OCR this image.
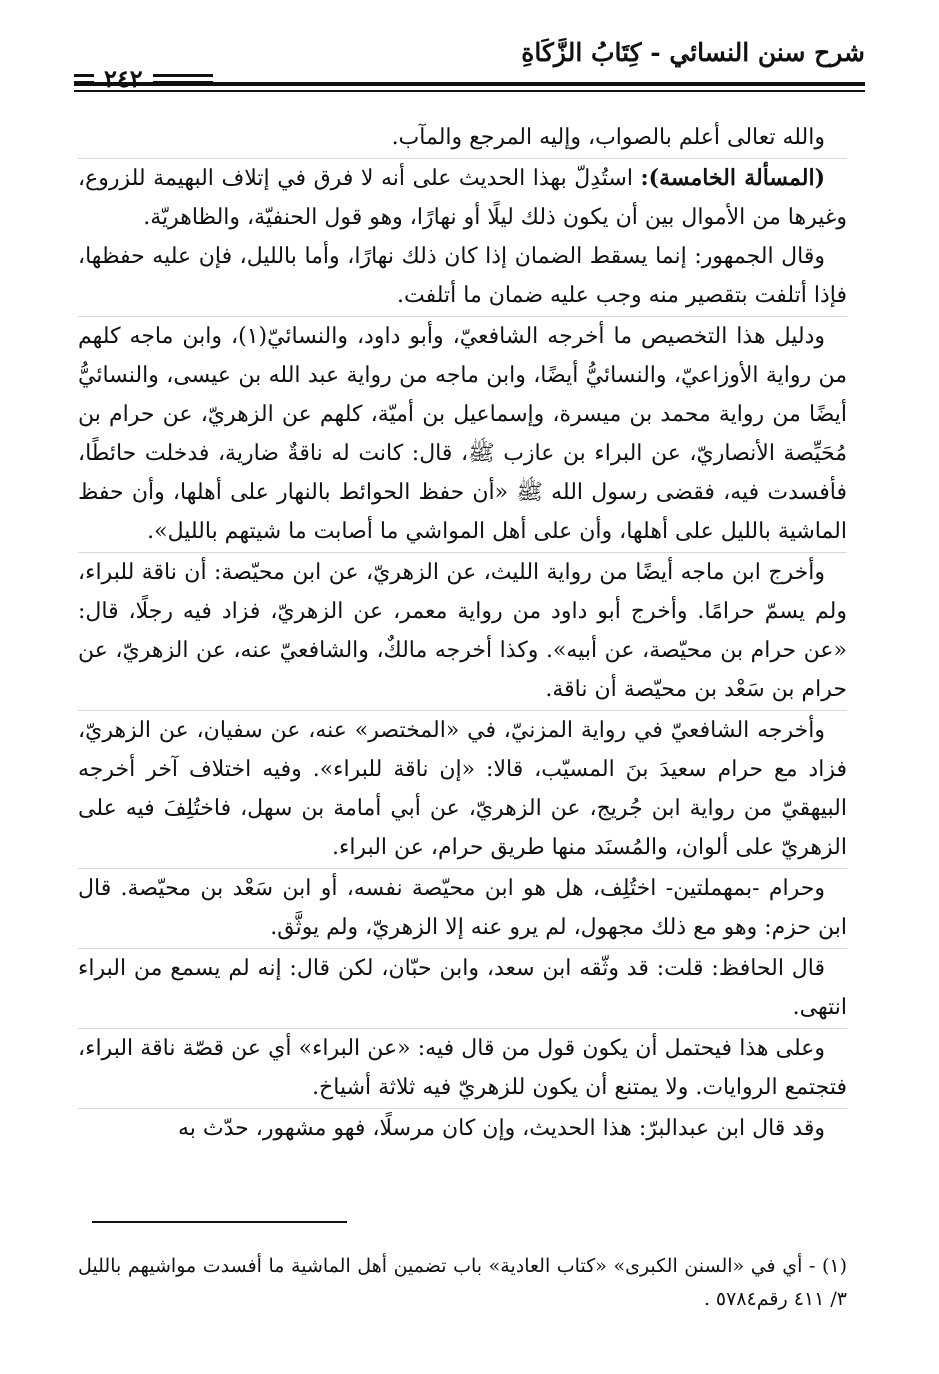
شرح سنن النسائي - كِتَابُ الزَّكَاةِ
٢٤٢

والله تعالى أعلم بالصواب، وإليه المرجع والمآب.

(المسألة الخامسة): استُدِلّ بهذا الحديث على أنه لا فرق في إتلاف البهيمة للزروع، وغيرها من الأموال بين أن يكون ذلك ليلًا أو نهارًا، وهو قول الحنفيّة، والظاهريّة.

وقال الجمهور: إنما يسقط الضمان إذا كان ذلك نهارًا، وأما بالليل، فإن عليه حفظها، فإذا أتلفت بتقصير منه وجب عليه ضمان ما أتلفت.

ودليل هذا التخصيص ما أخرجه الشافعيّ، وأبو داود، والنسائيّ(١)، وابن ماجه كلهم من رواية الأوزاعيّ، والنسائيُّ أيضًا، وابن ماجه من رواية عبد الله بن عيسى، والنسائيُّ أيضًا من رواية محمد بن ميسرة، وإسماعيل بن أميّة، كلهم عن الزهريّ، عن حرام بن مُحَيِّصة الأنصاريّ، عن البراء بن عازب ﷺ، قال: كانت له ناقةٌ ضارية، فدخلت حائطًا، فأفسدت فيه، فقضى رسول الله ﷺ «أن حفظ الحوائط بالنهار على أهلها، وأن حفظ الماشية بالليل على أهلها، وأن على أهل المواشي ما أصابت ما شيتهم بالليل».

وأخرج ابن ماجه أيضًا من رواية الليث، عن الزهريّ، عن ابن محيّصة: أن ناقة للبراء، ولم يسمّ حرامًا. وأخرج أبو داود من رواية معمر، عن الزهريّ، فزاد فيه رجلًا، قال: «عن حرام بن محيّصة، عن أبيه». وكذا أخرجه مالكٌ، والشافعيّ عنه، عن الزهريّ، عن حرام بن سَعْد بن محيّصة أن ناقة.

وأخرجه الشافعيّ في رواية المزنيّ، في «المختصر» عنه، عن سفيان، عن الزهريّ، فزاد مع حرام سعيدَ بنَ المسيّب، قالا: «إن ناقة للبراء». وفيه اختلاف آخر أخرجه البيهقيّ من رواية ابن جُريج، عن الزهريّ، عن أبي أمامة بن سهل، فاختُلِفَ فيه على الزهريّ على ألوان، والمُسنَد منها طريق حرام، عن البراء.

وحرام -بمهملتين- اختُلِف، هل هو ابن محيّصة نفسه، أو ابن سَعْد بن محيّصة. قال ابن حزم: وهو مع ذلك مجهول، لم يرو عنه إلا الزهريّ، ولم يوثَّق.

قال الحافظ: قلت: قد وثّقه ابن سعد، وابن حبّان، لكن قال: إنه لم يسمع من البراء انتهى.

وعلى هذا فيحتمل أن يكون قول من قال فيه: «عن البراء» أي عن قصّة ناقة البراء، فتجتمع الروايات. ولا يمتنع أن يكون للزهريّ فيه ثلاثة أشياخ.

وقد قال ابن عبدالبرّ: هذا الحديث، وإن كان مرسلًا، فهو مشهور، حدّث به

(١) - أي في «السنن الكبرى» «كتاب العادية» باب تضمين أهل الماشية ما أفسدت مواشيهم بالليل ٣/ ٤١١ رقم٥٧٨٤ .
